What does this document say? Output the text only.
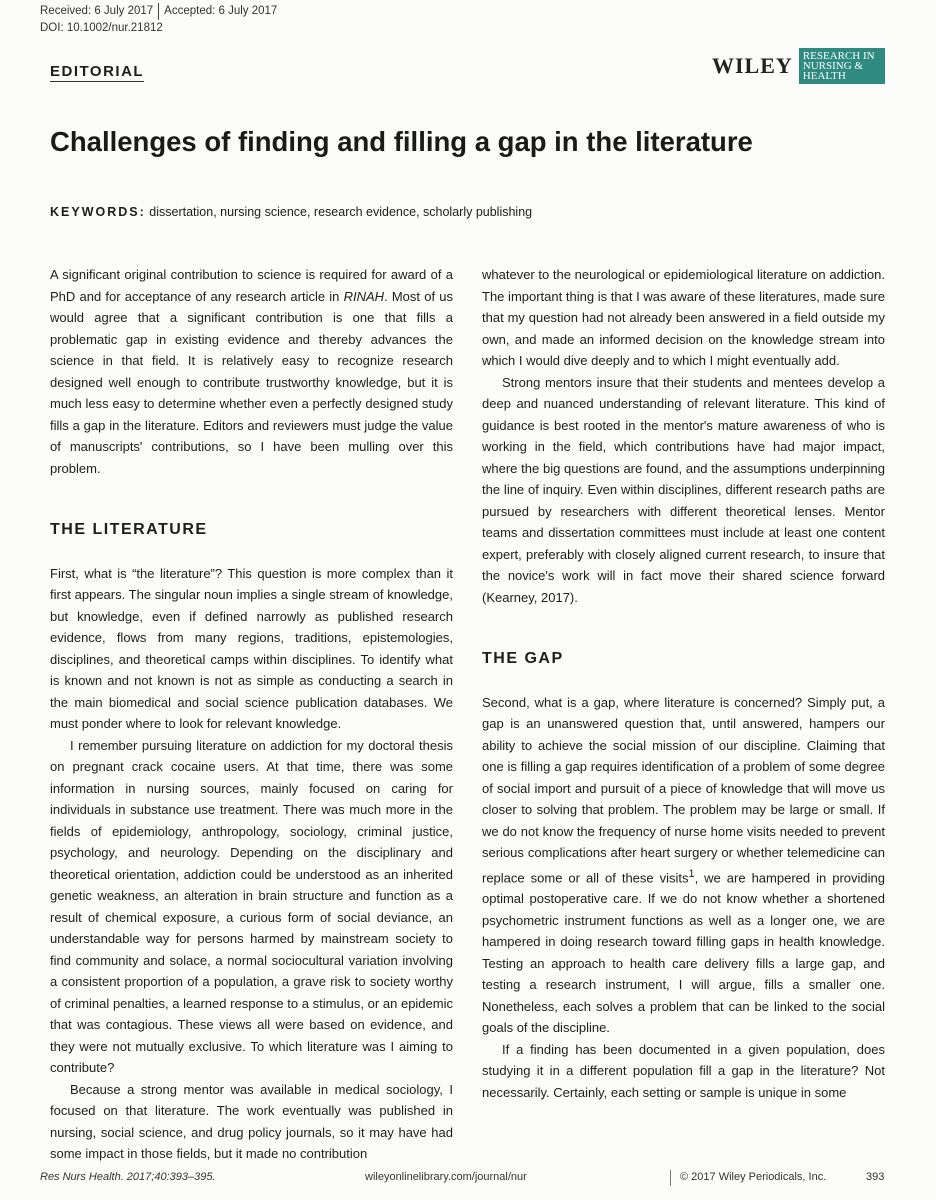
Received: 6 July 2017 Accepted: 6 July 2017
DOI: 10.1002/nur.21812
EDITORIAL	WILEY RESEARCH IN NURSING & HEALTH
Challenges of finding and filling a gap in the literature
KEYWORDS: dissertation, nursing science, research evidence, scholarly publishing

A significant original contribution to science is required for award of a PhD and for acceptance of any research article in RINAH. Most of us would agree that a significant contribution is one that fills a problematic gap in existing evidence and thereby advances the science in that field. It is relatively easy to recognize research designed well enough to contribute trustworthy knowledge, but it is much less easy to determine whether even a perfectly designed study fills a gap in the literature. Editors and reviewers must judge the value of manuscripts' contributions, so I have been mulling over this problem.

THE LITERATURE

First, what is “the literature”? This question is more complex than it first appears. The singular noun implies a single stream of knowledge, but knowledge, even if defined narrowly as published research evidence, flows from many regions, traditions, epistemologies, disciplines, and theoretical camps within disciplines. To identify what is known and not known is not as simple as conducting a search in the main biomedical and social science publication databases. We must ponder where to look for relevant knowledge.

I remember pursuing literature on addiction for my doctoral thesis on pregnant crack cocaine users. At that time, there was some information in nursing sources, mainly focused on caring for individuals in substance use treatment. There was much more in the fields of epidemiology, anthropology, sociology, criminal justice, psychology, and neurology. Depending on the disciplinary and theoretical orientation, addiction could be understood as an inherited genetic weakness, an alteration in brain structure and function as a result of chemical exposure, a curious form of social deviance, an understandable way for persons harmed by mainstream society to find community and solace, a normal sociocultural variation involving a consistent proportion of a population, a grave risk to society worthy of criminal penalties, a learned response to a stimulus, or an epidemic that was contagious. These views all were based on evidence, and they were not mutually exclusive. To which literature was I aiming to contribute?

Because a strong mentor was available in medical sociology, I focused on that literature. The work eventually was published in nursing, social science, and drug policy journals, so it may have had some impact in those fields, but it made no contribution

whatever to the neurological or epidemiological literature on addiction. The important thing is that I was aware of these literatures, made sure that my question had not already been answered in a field outside my own, and made an informed decision on the knowledge stream into which I would dive deeply and to which I might eventually add.

Strong mentors insure that their students and mentees develop a deep and nuanced understanding of relevant literature. This kind of guidance is best rooted in the mentor's mature awareness of who is working in the field, which contributions have had major impact, where the big questions are found, and the assumptions underpinning the line of inquiry. Even within disciplines, different research paths are pursued by researchers with different theoretical lenses. Mentor teams and dissertation committees must include at least one content expert, preferably with closely aligned current research, to insure that the novice's work will in fact move their shared science forward (Kearney, 2017).

THE GAP

Second, what is a gap, where literature is concerned? Simply put, a gap is an unanswered question that, until answered, hampers our ability to achieve the social mission of our discipline. Claiming that one is filling a gap requires identification of a problem of some degree of social import and pursuit of a piece of knowledge that will move us closer to solving that problem. The problem may be large or small. If we do not know the frequency of nurse home visits needed to prevent serious complications after heart surgery or whether telemedicine can replace some or all of these visits$^1$, we are hampered in providing optimal postoperative care. If we do not know whether a shortened psychometric instrument functions as well as a longer one, we are hampered in doing research toward filling gaps in health knowledge. Testing an approach to health care delivery fills a large gap, and testing a research instrument, I will argue, fills a smaller one. Nonetheless, each solves a problem that can be linked to the social goals of the discipline.

If a finding has been documented in a given population, does studying it in a different population fill a gap in the literature? Not necessarily. Certainly, each setting or sample is unique in some

Res Nurs Health. 2017;40:393–395.	wileyonlinelibrary.com/journal/nur	© 2017 Wiley Periodicals, Inc.	393
